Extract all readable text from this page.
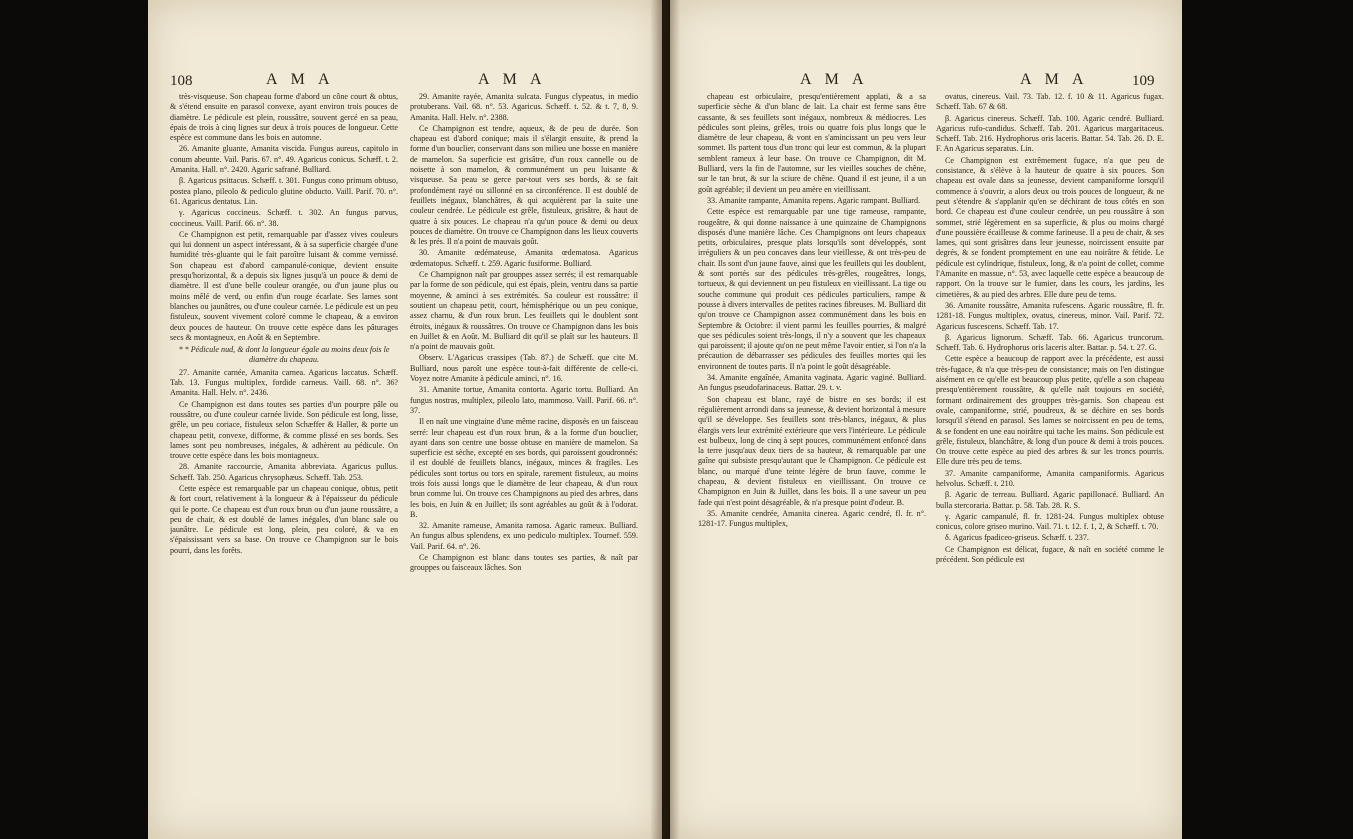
108	A M A	A M A

très-visqueuse. Son chapeau forme d'abord un cône court & obtus, & s'étend ensuite en parasol convexe, ayant environ trois pouces de diamètre. Le pédicule est plein, roussâtre, souvent gercé en sa peau, épais de trois à cinq lignes sur deux à trois pouces de longueur. Cette espèce est commune dans les bois en automne.

26. Amanite gluante, Amanita viscida. Fungus aureus, capitulo in conum abeunte. Vail. Paris. 67. n°. 49. Agaricus conicus. Schæff. t. 2. Amanita. Hall. n°. 2420. Agaric safrané. Bulliard.

β. Agaricus psittacus. Schæff. t. 301. Fungus cono primum obtuso, postea plano, pileolo & pediculo glutine obducto. Vaill. Parif. 70. n°. 61. Agaricus dentatus. Lin.

γ. Agaricus coccineus. Schæff. t. 302. An fungus parvus, coccineus. Vaill. Parif. 66. n°. 38.

Ce Champignon est petit, remarquable par d'assez vives couleurs qui lui donnent un aspect intéressant, & à sa superficie chargée d'une humidité très-gluante qui le fait paroître luisant & comme vernissé. Son chapeau est d'abord campanulé-conique, devient ensuite presqu'horizontal, & a depuis six lignes jusqu'à un pouce & demi de diamètre. Il est d'une belle couleur orangée, ou d'un jaune plus ou moins mêlé de verd, ou enfin d'un rouge écarlate. Ses lames sont blanches ou jaunâtres, ou d'une couleur carnée. Le pédicule est un peu fistuleux, souvent vivement coloré comme le chapeau, & a environ deux pouces de hauteur. On trouve cette espèce dans les pâturages secs & montagneux, en Août & en Septembre.

* * Pédicule nud, & dont la longueur égale au moins deux fois le diamètre du chapeau.

27. Amanite carnée, Amanita carnea. Agaricus laccatus. Schæff. Tab. 13. Fungus multiplex, fordide carneus. Vaill. 68. n°. 36? Amanita. Hall. Helv. n°. 2436.

Ce Champignon est dans toutes ses parties d'un pourpre pâle ou roussâtre, ou d'une couleur carnée livide. Son pédicule est long, lisse, grêle, un peu coriace, fistuleux selon Schæffer & Haller, & porte un chapeau petit, convexe, difforme, & comme plissé en ses bords. Ses lames sont peu nombreuses, inégales, & adhèrent au pédicule. On trouve cette espèce dans les bois montagneux.

28. Amanite raccourcie, Amanita abbreviata. Agaricus pullus. Schæff. Tab. 250. Agaricus chrysophæus. Schæff. Tab. 253.

Cette espèce est remarquable par un chapeau conique, obtus, petit & fort court, relativement à la longueur & à l'épaisseur du pédicule qui le porte. Ce chapeau est d'un roux brun ou d'un jaune roussâtre, a peu de chair, & est doublé de lames inégales, d'un blanc sale ou jaunâtre. Le pédicule est long, plein, peu coloré, & va en s'épaississant vers sa base. On trouve ce Champignon sur le bois pourri, dans les forêts.

29. Amanite rayée, Amanita sulcata. Fungus clypeatus, in medio protuberans. Vail. 68. n°. 53. Agaricus. Schæff. t. 52. & t. 7, 8, 9. Amanita. Hall. Helv. n°. 2388.

Ce Champignon est tendre, aqueux, & de peu de durée. Son chapeau est d'abord conique; mais il s'élargit ensuite, & prend la forme d'un bouclier, conservant dans son milieu une bosse en manière de mamelon. Sa superficie est grisâtre, d'un roux cannelle ou de noisette à son mamelon, & communément un peu luisante & visqueuse. Sa peau se gerce par-tout vers ses bords, & se fait profondément rayé ou sillonné en sa circonférence. Il est doublé de feuillets inégaux, blanchâtres, & qui acquièrent par la suite une couleur cendrée. Le pédicule est grêle, fistuleux, grisâtre, & haut de quatre à six pouces. Le chapeau n'a qu'un pouce & demi ou deux pouces de diamètre. On trouve ce Champignon dans les lieux couverts & les prés. Il n'a point de mauvais goût.

30. Amanite œdémateuse, Amanita œdematosa. Agaricus œdematopus. Schæff. t. 259. Agaric fusiforme. Bulliard.

Ce Champignon naît par grouppes assez serrés; il est remarquable par la forme de son pédicule, qui est épais, plein, ventru dans sa partie moyenne, & aminci à ses extrémités. Sa couleur est roussâtre: il soutient un chapeau petit, court, hémisphérique ou un peu conique, assez charnu, & d'un roux brun. Les feuillets qui le doublent sont étroits, inégaux & roussâtres. On trouve ce Champignon dans les bois en Juillet & en Août. M. Bulliard dit qu'il se plaît sur les hauteurs. Il n'a point de mauvais goût.

Observ. L'Agaricus crassipes (Tab. 87.) de Schæff. que cite M. Bulliard, nous paroît une espèce tout-à-fait différente de celle-ci. Voyez notre Amanite à pédicule aminci, n°. 16.

31. Amanite tortue, Amanita contorta. Agaric tortu. Bulliard. An fungus nostras, multiplex, pileolo lato, mammoso. Vaill. Parif. 66. n°. 37.

Il en naît une vingtaine d'une même racine, disposés en un faisceau serré: leur chapeau est d'un roux brun, & a la forme d'un bouclier, ayant dans son centre une bosse obtuse en manière de mamelon. Sa superficie est sèche, excepté en ses bords, qui paroissent goudronnés: il est doublé de feuillets blancs, inégaux, minces & fragiles. Les pédicules sont tortus ou tors en spirale, rarement fistuleux, au moins trois fois aussi longs que le diamètre de leur chapeau, & d'un roux brun comme lui. On trouve ces Champignons au pied des arbres, dans les bois, en Juin & en Juillet; ils sont agréables au goût & à l'odorat. B.

32. Amanite rameuse, Amanita ramosa. Agaric rameux. Bulliard. An fungus albus splendens, ex uno pediculo multiplex. Tournef. 559. Vail. Parif. 64. n°. 26.

Ce Champignon est blanc dans toutes ses parties, & naît par grouppes ou faisceaux lâches. Son

A M A	A M A	109

chapeau est orbiculaire, presqu'entièrement applati, & a sa superficie sèche & d'un blanc de lait. La chair est ferme sans être cassante, & ses feuillets sont inégaux, nombreux & médiocres. Les pédicules sont pleins, grêles, trois ou quatre fois plus longs que le diamètre de leur chapeau, & vont en s'amincissant un peu vers leur sommet. Ils partent tous d'un tronc qui leur est commun, & la plupart semblent rameux à leur base. On trouve ce Champignon, dit M. Bulliard, vers la fin de l'automne, sur les vieilles souches de chêne, sur le tan brut, & sur la sciure de chêne. Quand il est jeune, il a un goût agréable; il devient un peu amère en vieillissant.

33. Amanite rampante, Amanita repens. Agaric rampant. Bulliard.

Cette espèce est remarquable par une tige rameuse, rampante, rougeâtre, & qui donne naissance à une quinzaine de Champignons disposés d'une manière lâche. Ces Champignons ont leurs chapeaux petits, orbiculaires, presque plats lorsqu'ils sont développés, sont irréguliers & un peu concaves dans leur vieillesse, & ont très-peu de chair. Ils sont d'un jaune fauve, ainsi que les feuillets qui les doublent, & sont portés sur des pédicules très-grêles, rougeâtres, longs, tortueux, & qui deviennent un peu fistuleux en vieillissant. La tige ou souche commune qui produit ces pédicules particuliers, rampe & pousse à divers intervalles de petites racines fibreuses. M. Bulliard dit qu'on trouve ce Champignon assez communément dans les bois en Septembre & Octobre: il vient parmi les feuilles pourries, & malgré que ses pédicules soient très-longs, il n'y a souvent que les chapeaux qui paroissent; il ajoute qu'on ne peut même l'avoir entier, si l'on n'a la précaution de débarrasser ses pédicules des feuilles mortes qui les environnent de toutes parts. Il n'a point le goût désagréable.

34. Amanite engaînée, Amanita vaginata. Agaric vaginé. Bulliard. An fungus pseudofarinaceus. Battar. 29. t. v.

Son chapeau est blanc, rayé de bistre en ses bords; il est régulièrement arrondi dans sa jeunesse, & devient horizontal à mesure qu'il se développe. Ses feuillets sont très-blancs, inégaux, & plus élargis vers leur extrémité extérieure que vers l'intérieure. Le pédicule est bulbeux, long de cinq à sept pouces, communément enfoncé dans la terre jusqu'aux deux tiers de sa hauteur, & remarquable par une gaîne qui subsiste presqu'autant que le Champignon. Ce pédicule est blanc, ou marqué d'une teinte légère de brun fauve, comme le chapeau, & devient fistuleux en vieillissant. On trouve ce Champignon en Juin & Juillet, dans les bois. Il a une saveur un peu fade qui n'est point désagréable, & n'a presque point d'odeur. B.

35. Amanite cendrée, Amanita cinerea. Agaric cendré, fl. fr. n°. 1281-17. Fungus multiplex,

ovatus, cinereus. Vail. 73. Tab. 12. f. 10 & 11. Agaricus fugax. Schæff. Tab. 67 & 68.

β. Agaricus cinereus. Schæff. Tab. 100. Agaric cendré. Bulliard. Agaricus rufo-candidus. Schæff. Tab. 201. Agaricus margaritaceus. Schæff. Tab. 216. Hydrophorus oris laceris. Battar. 54. Tab. 26. D. E. F. An Agaricus separatus. Lin.

Ce Champignon est extrêmement fugace, n'a que peu de consistance, & s'élève à la hauteur de quatre à six pouces. Son chapeau est ovale dans sa jeunesse, devient campaniforme lorsqu'il commence à s'ouvrir, a alors deux ou trois pouces de longueur, & ne peut s'étendre & s'applanir qu'en se déchirant de tous côtés en son bord. Ce chapeau est d'une couleur cendrée, un peu roussâtre à son sommet, strié légèrement en sa superficie, & plus ou moins chargé d'une poussière écailleuse & comme farineuse. Il a peu de chair, & ses lames, qui sont grisâtres dans leur jeunesse, noircissent ensuite par degrés, & se fondent promptement en une eau noirâtre & fétide. Le pédicule est cylindrique, fistuleux, long, & n'a point de collet, comme l'Amanite en massue, n°. 53, avec laquelle cette espèce a beaucoup de rapport. On la trouve sur le fumier, dans les cours, les jardins, les cimetières, & au pied des arbres. Elle dure peu de tems.

36. Amanite roussâtre, Amanita rufescens. Agaric roussâtre, fl. fr. 1281-18. Fungus multiplex, ovatus, cinereus, minor. Vail. Parif. 72. Agaricus fuscescens. Schæff. Tab. 17.

β. Agaricus lignorum. Schæff. Tab. 66. Agaricus truncorum. Schæff. Tab. 6. Hydrophorus oris laceris alter. Battar. p. 54. t. 27. G.

Cette espèce a beaucoup de rapport avec la précédente, est aussi très-fugace, & n'a que très-peu de consistance; mais on l'en distingue aisément en ce qu'elle est beaucoup plus petite, qu'elle a son chapeau presqu'entièrement roussâtre, & qu'elle naît toujours en société, formant ordinairement des grouppes très-garnis. Son chapeau est ovale, campaniforme, strié, poudreux, & se déchire en ses bords lorsqu'il s'étend en parasol. Ses lames se noircissent en peu de tems, & se fondent en une eau noirâtre qui tache les mains. Son pédicule est grêle, fistuleux, blanchâtre, & long d'un pouce & demi à trois pouces. On trouve cette espèce au pied des arbres & sur les troncs pourris. Elle dure très peu de tems.

37. Amanite campaniforme, Amanita campaniformis. Agaricus helvolus. Schæff. t. 210.

β. Agaric de terreau. Bulliard. Agaric papillonacé. Bulliard. An bulla stercoraria. Battar. p. 58. Tab. 28. R. S.

γ. Agaric campanulé, fl. fr. 1281-24. Fungus multiplex obtuse conicus, colore griseo murino. Vail. 71. t. 12. f. 1, 2, & Schæff. t. 70.

δ. Agaricus fpadiceo-griseus. Schæff. t. 237.

Ce Champignon est délicat, fugace, & naît en société comme le précédent. Son pédicule est
